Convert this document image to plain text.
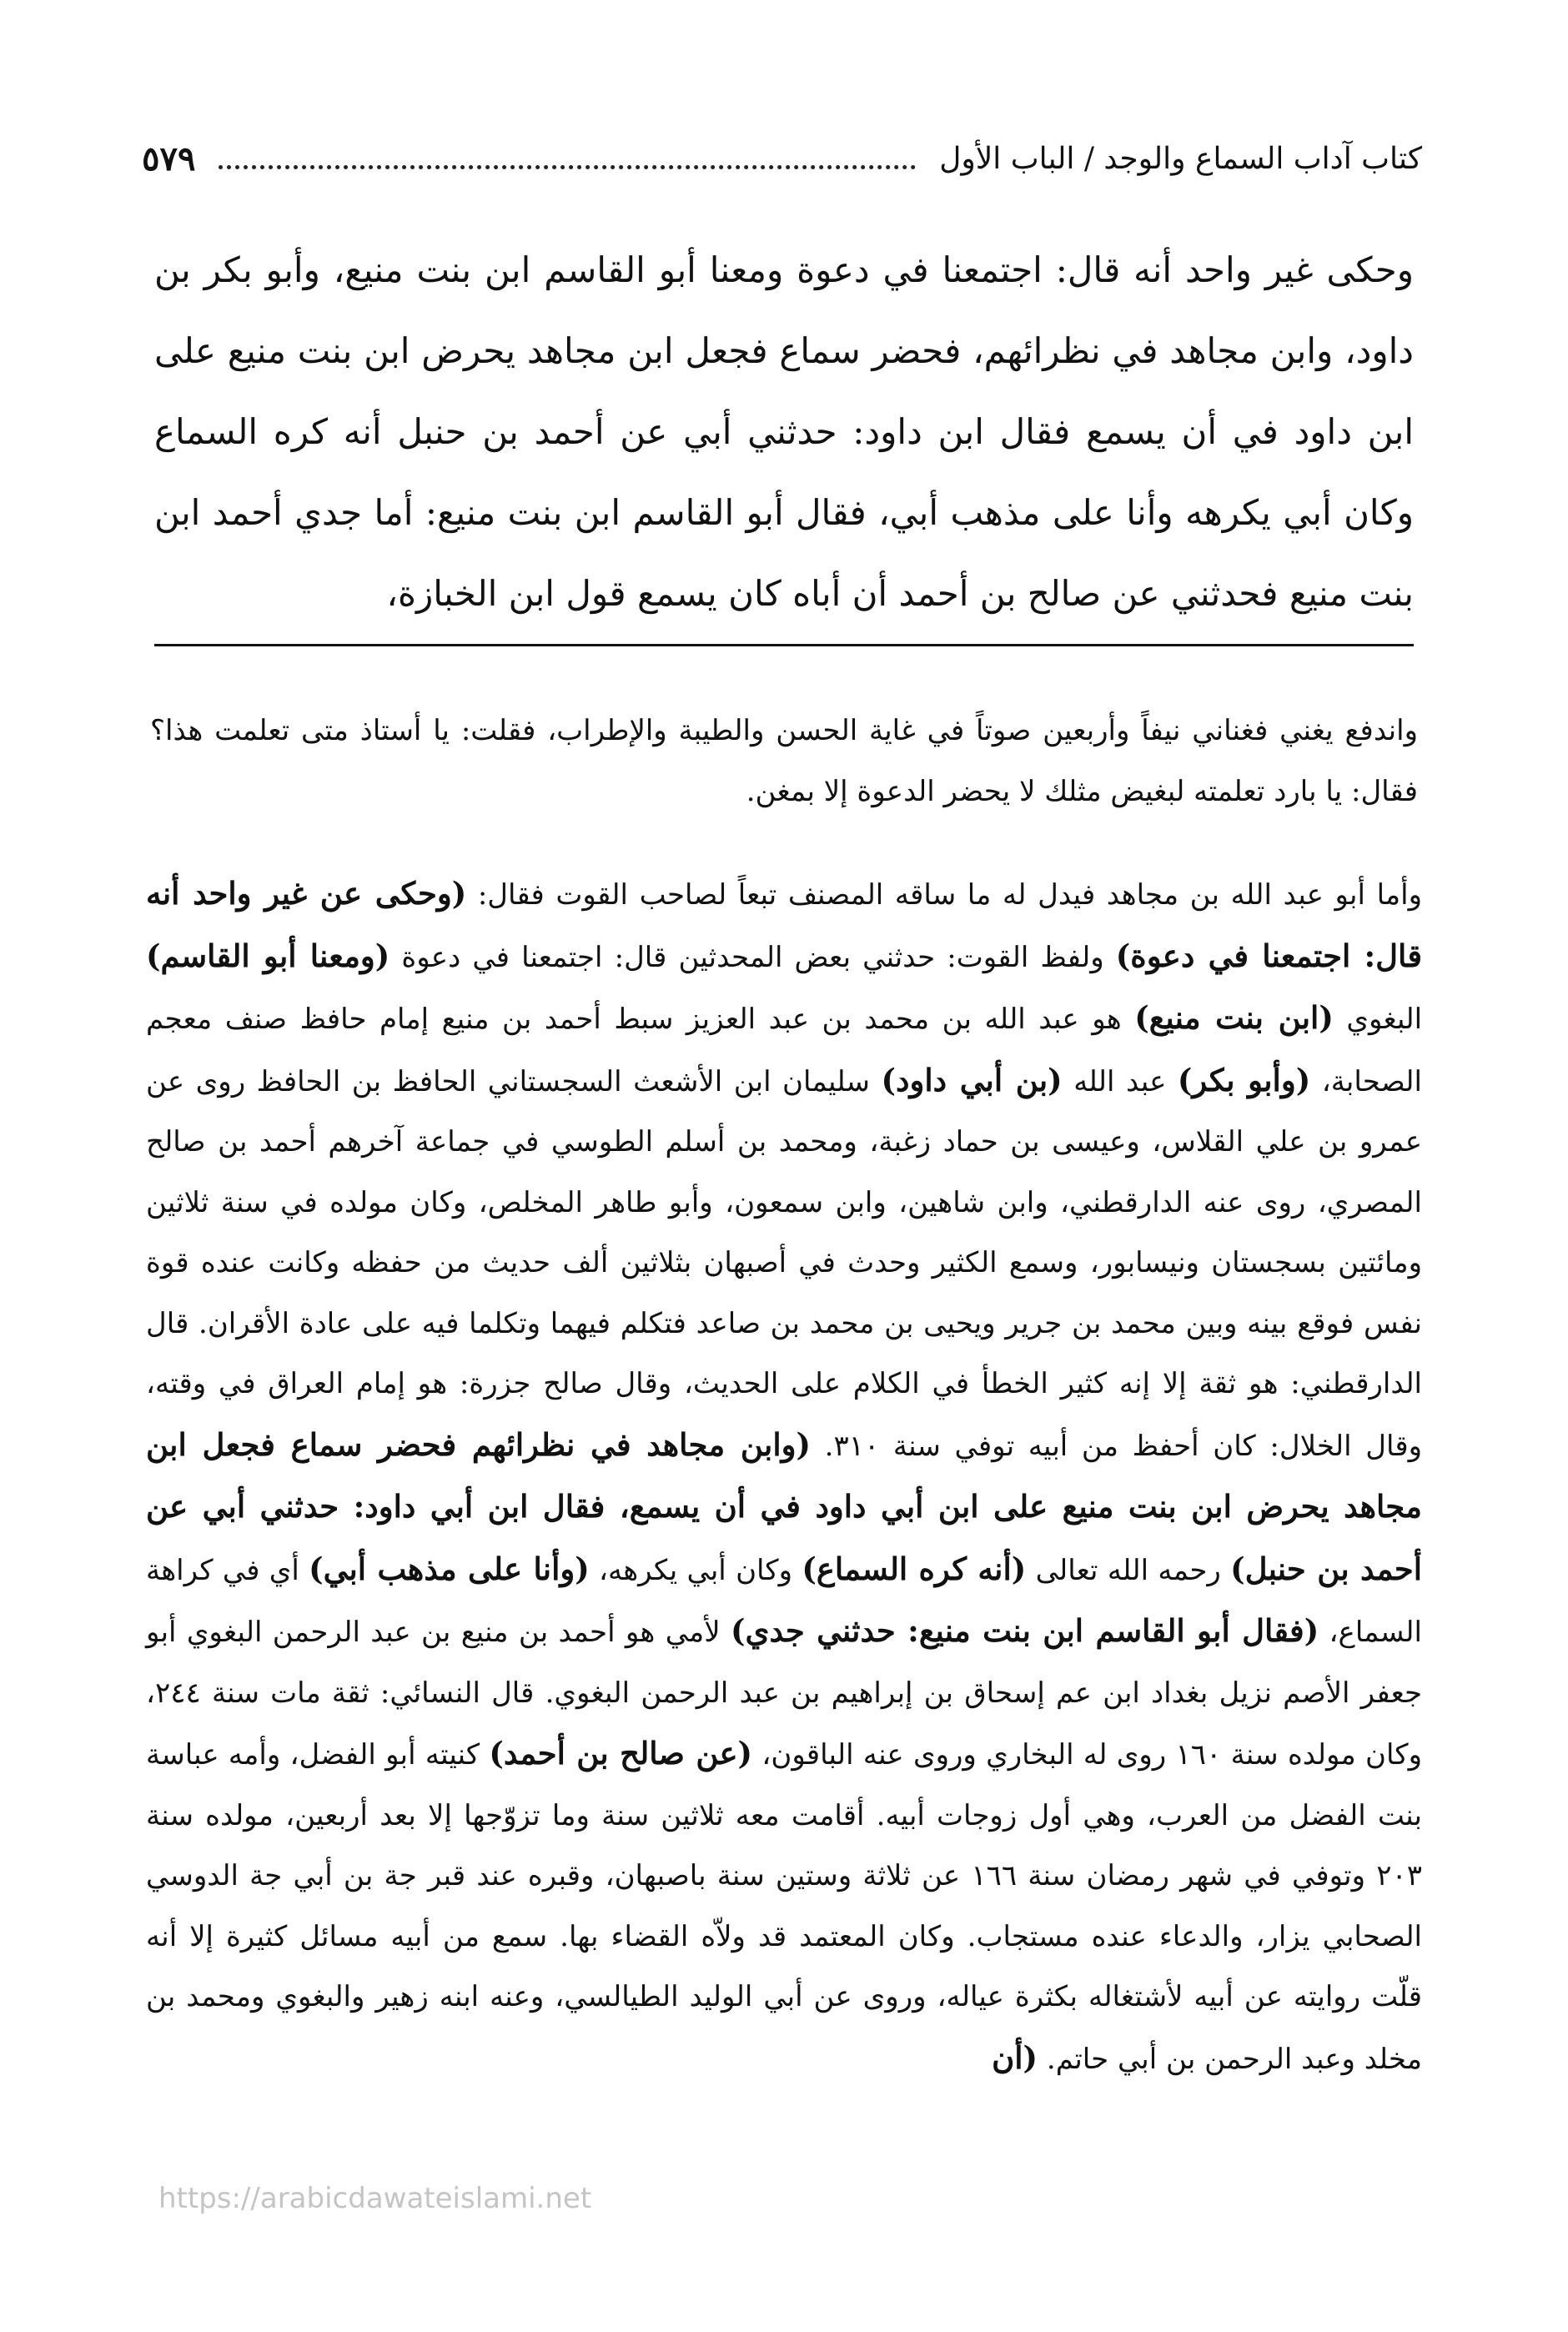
كتاب آداب السماع والوجد / الباب الأول
٥٧٩

وحكى غير واحد أنه قال: اجتمعنا في دعوة ومعنا أبو القاسم ابن بنت منيع، وأبو بكر بن داود، وابن مجاهد في نظرائهم، فحضر سماع فجعل ابن مجاهد يحرض ابن بنت منيع على ابن داود في أن يسمع فقال ابن داود: حدثني أبي عن أحمد بن حنبل أنه كره السماع وكان أبي يكرهه وأنا على مذهب أبي، فقال أبو القاسم ابن بنت منيع: أما جدي أحمد ابن بنت منيع فحدثني عن صالح بن أحمد أن أباه كان يسمع قول ابن الخبازة،

واندفع يغني فغناني نيفاً وأربعين صوتاً في غاية الحسن والطيبة والإطراب، فقلت: يا أستاذ متى تعلمت هذا؟ فقال: يا بارد تعلمته لبغيض مثلك لا يحضر الدعوة إلا بمغن.

وأما أبو عبد الله بن مجاهد فيدل له ما ساقه المصنف تبعاً لصاحب القوت فقال: (وحكى عن غير واحد أنه قال: اجتمعنا في دعوة) ولفظ القوت: حدثني بعض المحدثين قال: اجتمعنا في دعوة (ومعنا أبو القاسم) البغوي (ابن بنت منيع) هو عبد الله بن محمد بن عبد العزيز سبط أحمد بن منيع إمام حافظ صنف معجم الصحابة، (وأبو بكر) عبد الله (بن أبي داود) سليمان ابن الأشعث السجستاني الحافظ بن الحافظ روى عن عمرو بن علي القلاس، وعيسى بن حماد زغبة، ومحمد بن أسلم الطوسي في جماعة آخرهم أحمد بن صالح المصري، روى عنه الدارقطني، وابن شاهين، وابن سمعون، وأبو طاهر المخلص، وكان مولده في سنة ثلاثين ومائتين بسجستان ونيسابور، وسمع الكثير وحدث في أصبهان بثلاثين ألف حديث من حفظه وكانت عنده قوة نفس فوقع بينه وبين محمد بن جرير ويحيى بن محمد بن صاعد فتكلم فيهما وتكلما فيه على عادة الأقران. قال الدارقطني: هو ثقة إلا إنه كثير الخطأ في الكلام على الحديث، وقال صالح جزرة: هو إمام العراق في وقته، وقال الخلال: كان أحفظ من أبيه توفي سنة ٣١٠. (وابن مجاهد في نظرائهم فحضر سماع فجعل ابن مجاهد يحرض ابن بنت منيع على ابن أبي داود في أن يسمع، فقال ابن أبي داود: حدثني أبي عن أحمد بن حنبل) رحمه الله تعالى (أنه كره السماع) وكان أبي يكرهه، (وأنا على مذهب أبي) أي في كراهة السماع، (فقال أبو القاسم ابن بنت منيع: حدثني جدي) لأمي هو أحمد بن منيع بن عبد الرحمن البغوي أبو جعفر الأصم نزيل بغداد ابن عم إسحاق بن إبراهيم بن عبد الرحمن البغوي. قال النسائي: ثقة مات سنة ٢٤٤، وكان مولده سنة ١٦٠ روى له البخاري وروى عنه الباقون، (عن صالح بن أحمد) كنيته أبو الفضل، وأمه عباسة بنت الفضل من العرب، وهي أول زوجات أبيه. أقامت معه ثلاثين سنة وما تزوّجها إلا بعد أربعين، مولده سنة ٢٠٣ وتوفي في شهر رمضان سنة ١٦٦ عن ثلاثة وستين سنة باصبهان، وقبره عند قبر جة بن أبي جة الدوسي الصحابي يزار، والدعاء عنده مستجاب. وكان المعتمد قد ولاّه القضاء بها. سمع من أبيه مسائل كثيرة إلا أنه قلّت روايته عن أبيه لأشتغاله بكثرة عياله، وروى عن أبي الوليد الطيالسي، وعنه ابنه زهير والبغوي ومحمد بن مخلد وعبد الرحمن بن أبي حاتم. (أن

https://arabicdawateislami.net
